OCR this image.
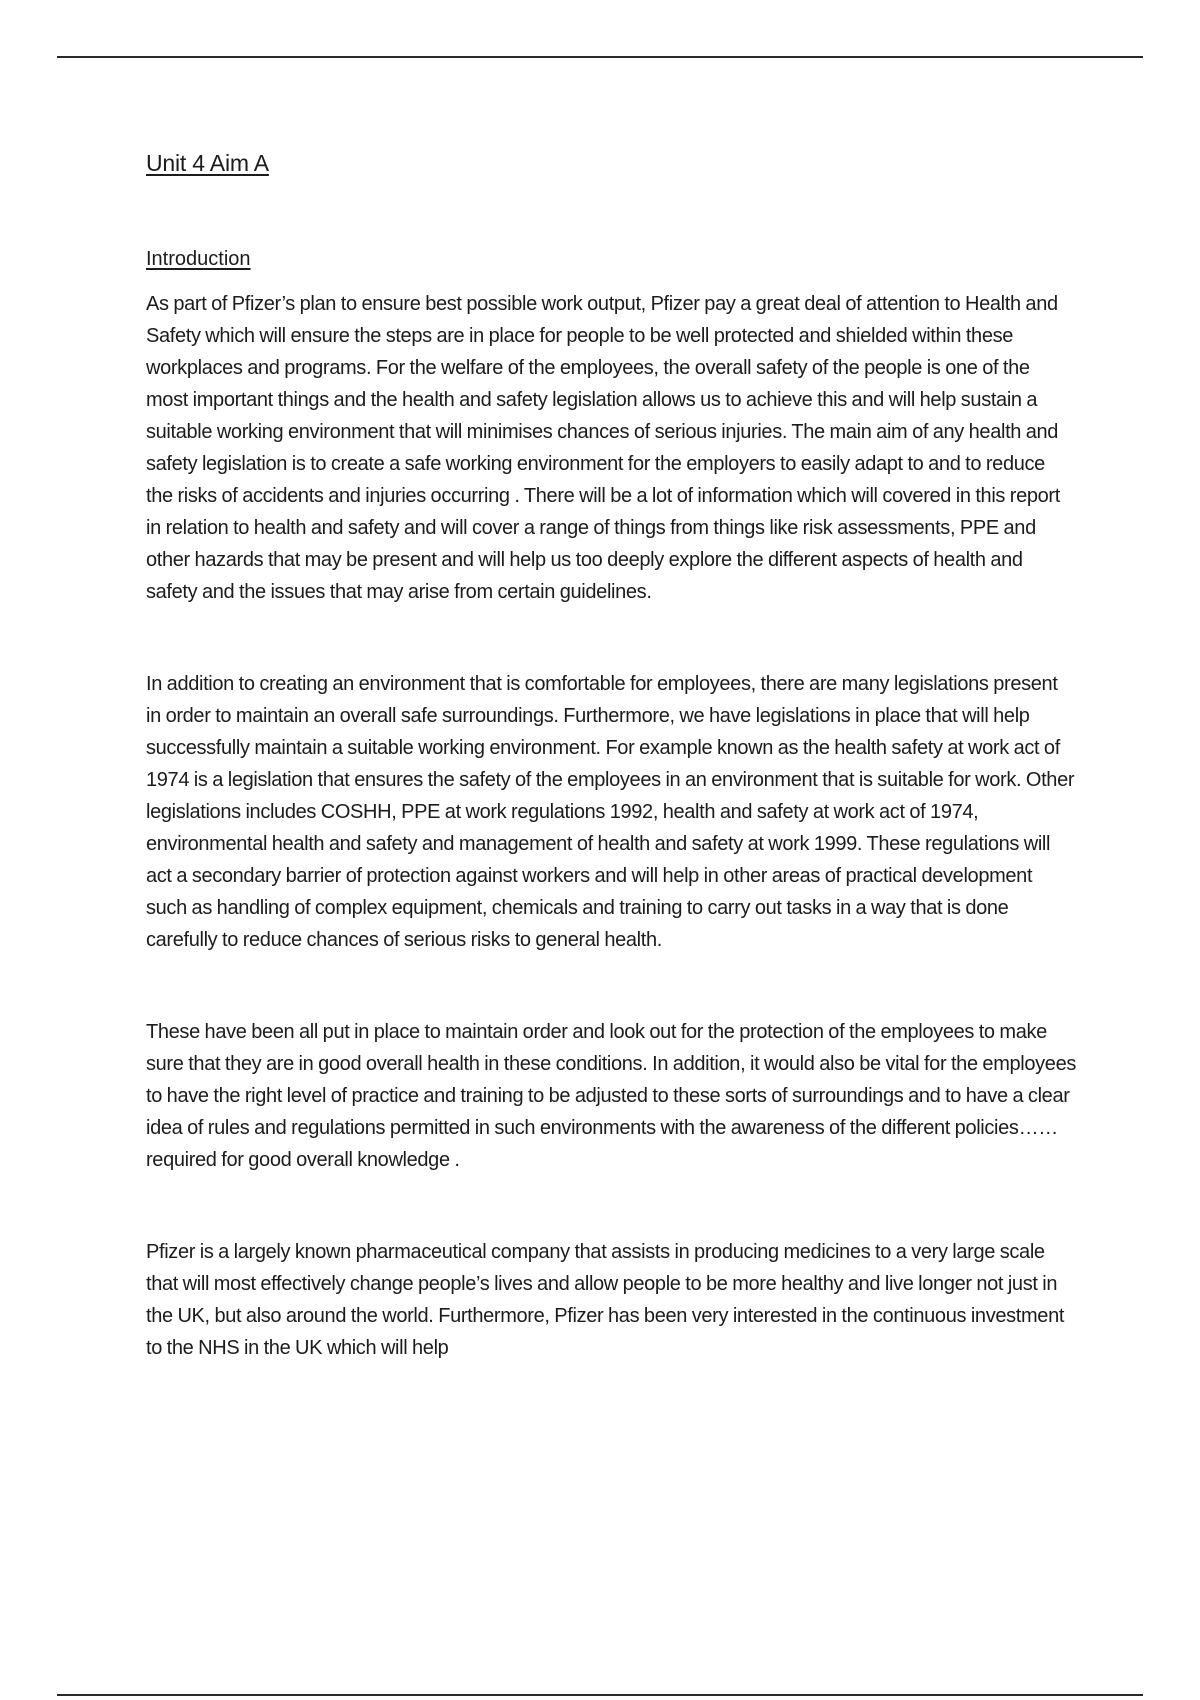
Unit 4 Aim A
Introduction

As part of Pfizer’s plan to ensure best possible work output, Pfizer pay a great deal of attention to Health and Safety which will ensure the steps are in place for people to be well protected and shielded within these workplaces and programs. For the welfare of the employees, the overall safety of the people is one of the most important things and the health and safety legislation allows us to achieve this and will help sustain a suitable working environment that will minimises chances of serious injuries. The main aim of any health and safety legislation is to create a safe working environment for the employers to easily adapt to and to reduce the risks of accidents and injuries occurring . There will be a lot of information which will covered in this report in relation to health and safety and will cover a range of things from things like risk assessments, PPE and other hazards that may be present and will help us too deeply explore the different aspects of health and safety and the issues that may arise from certain guidelines.

In addition to creating an environment that is comfortable for employees, there are many legislations present in order to maintain an overall safe surroundings. Furthermore, we have legislations in place that will help successfully maintain a suitable working environment. For example known as the health safety at work act of 1974 is a legislation that ensures the safety of the employees in an environment that is suitable for work. Other legislations includes COSHH, PPE at work regulations 1992, health and safety at work act of 1974, environmental health and safety and management of health and safety at work 1999. These regulations will act a secondary barrier of protection against workers and will help in other areas of practical development such as handling of complex equipment, chemicals and training to carry out tasks in a way that is done carefully to reduce chances of serious risks to general health.

These have been all put in place to maintain order and look out for the protection of the employees to make sure that they are in good overall health in these conditions. In addition, it would also be vital for the employees to have the right level of practice and training to be adjusted to these sorts of surroundings and to have a clear idea of rules and regulations permitted in such environments with the awareness of the different policies…… required for good overall knowledge .

Pfizer is a largely known pharmaceutical company that assists in producing medicines to a very large scale that will most effectively change people’s lives and allow people to be more healthy and live longer not just in the UK, but also around the world. Furthermore, Pfizer has been very interested in the continuous investment to the NHS in the UK which will help
